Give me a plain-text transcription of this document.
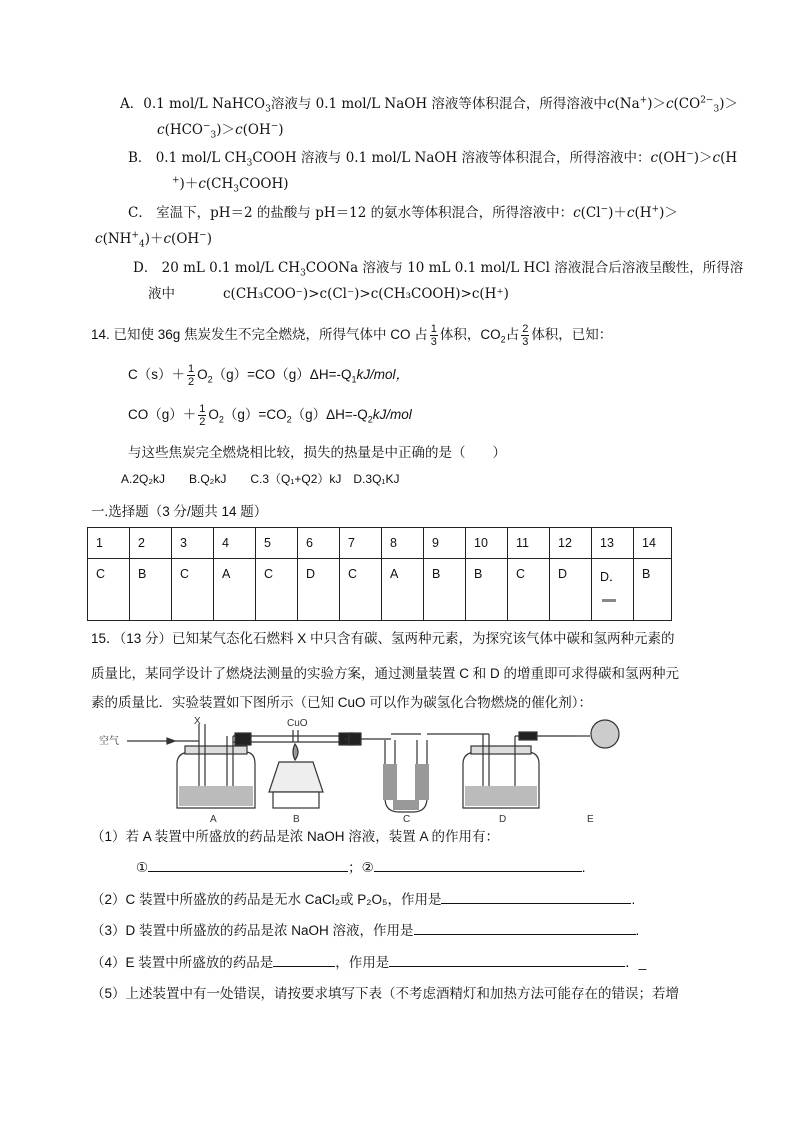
A．0.1 mol/L NaHCO$_3$溶液与 0.1 mol/L NaOH 溶液等体积混合，所得溶液中$c(Na^+)>c(CO^{2-}_3)>$
$c(HCO^-_3)>c(OH^-)$
B． 0.1 mol/L $CH_3COOH$ 溶液与 0.1 mol/L NaOH 溶液等体积混合，所得溶液中：c(OH−)＞c(H
$^+)+c(CH_3COOH)$
C． 室温下，pH＝2 的盐酸与 pH＝12 的氨水等体积混合，所得溶液中：c(Cl−)＋c(H+)＞
$c(NH^+_4)+c(OH^-)$
D． 20 mL 0.1 mol/L $CH_3COONa$ 溶液与 10 mL 0.1 mol/L HCl 溶液混合后溶液呈酸性，所得溶
液中	c(CH₃COO⁻)>c(Cl⁻)>c(CH₃COOH)>c(H⁺)
14. 已知使 36g 焦炭发生不完全燃烧，所得气体中 CO 占 $\frac{1}{3}$ 体积，$CO_2$占 $\frac{2}{3}$ 体积，已知：
$C(s)+ \frac{1}{2} O_2(g)=CO(g)\Delta H=-Q_1kJ/mol$，
$CO(g)+ \frac{1}{2} O_2(g)=CO_2(g)\Delta H=-Q_2kJ/mol$
与这些焦炭完全燃烧相比较，损失的热量是中正确的是（　　）
A.2Q₂kJ　　B.Q₂kJ　　C.3（Q₁+Q2）kJ　D.3Q₁KJ
一.选择题（3 分/题共 14 题）
1	2	3	4	5	6	7	8	9	10	11	12	13	14
C	B	C	A	C	D	C	A	B	B	C	D	D．	B
15．（13 分）已知某气态化石燃料 X 中只含有碳、氢两种元素，为探究该气体中碳和氢两种元素的
质量比，某同学设计了燃烧法测量的实验方案，通过测量装置 C 和 D 的增重即可求得碳和氢两种元
素的质量比．实验装置如下图所示（已知 CuO 可以作为碳氢化合物燃烧的催化剂）：
空气
X	CuO
A	B	C	D	E
（1）若 A 装置中所盛放的药品是浓 NaOH 溶液，装置 A 的作用有：
①	；②	.
（2）C 装置中所盛放的药品是无水 CaCl₂或 P₂O₅，作用是	.
（3）D 装置中所盛放的药品是浓 NaOH 溶液，作用是	.
（4）E 装置中所盛放的药品是	，作用是	．_
（5）上述装置中有一处错误，请按要求填写下表（不考虑酒精灯和加热方法可能存在的错误；若增
